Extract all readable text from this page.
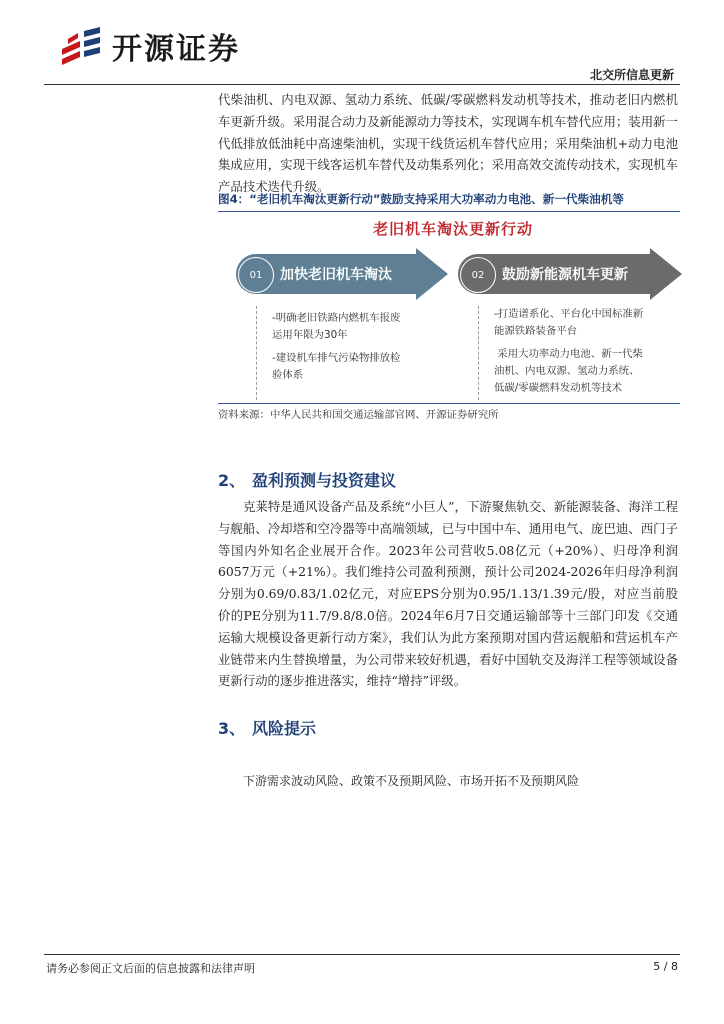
开源证券
北交所信息更新
代柴油机、内电双源、氢动力系统、低碳/零碳燃料发动机等技术，推动老旧内燃机车更新升级。采用混合动力及新能源动力等技术，实现调车机车替代应用；装用新一代低排放低油耗中高速柴油机，实现干线货运机车替代应用；采用柴油机+动力电池集成应用，实现干线客运机车替代及动集系列化；采用高效交流传动技术，实现机车产品技术迭代升级。
图4：“老旧机车淘汰更新行动”鼓励支持采用大功率动力电池、新一代柴油机等
老旧机车淘汰更新行动
01	02
加快老旧机车淘汰	鼓励新能源机车更新
-明确老旧铁路内燃机车报废
运用年限为30年
-建设机车排气污染物排放检
验体系
-打造谱系化、平台化中国标准新
能源铁路装备平台
采用大功率动力电池、新一代柴
油机、内电双源、氢动力系统、
低碳/零碳燃料发动机等技术
资料来源：中华人民共和国交通运输部官网、开源证券研究所
2、 盈利预测与投资建议
克莱特是通风设备产品及系统“小巨人”，下游聚焦轨交、新能源装备、海洋工程与舰船、冷却塔和空冷器等中高端领域，已与中国中车、通用电气、庞巴迪、西门子等国内外知名企业展开合作。2023年公司营收5.08亿元（+20%）、归母净利润6057万元（+21%）。我们维持公司盈利预测，预计公司2024-2026年归母净利润分别为0.69/0.83/1.02亿元，对应EPS分别为0.95/1.13/1.39元/股，对应当前股价的PE分别为11.7/9.8/8.0倍。2024年6月7日交通运输部等十三部门印发《交通运输大规模设备更新行动方案》，我们认为此方案预期对国内营运舰船和营运机车产业链带来内生替换增量，为公司带来较好机遇，看好中国轨交及海洋工程等领域设备更新行动的逐步推进落实，维持“增持”评级。
3、 风险提示
下游需求波动风险、政策不及预期风险、市场开拓不及预期风险
请务必参阅正文后面的信息披露和法律声明	5 / 8
